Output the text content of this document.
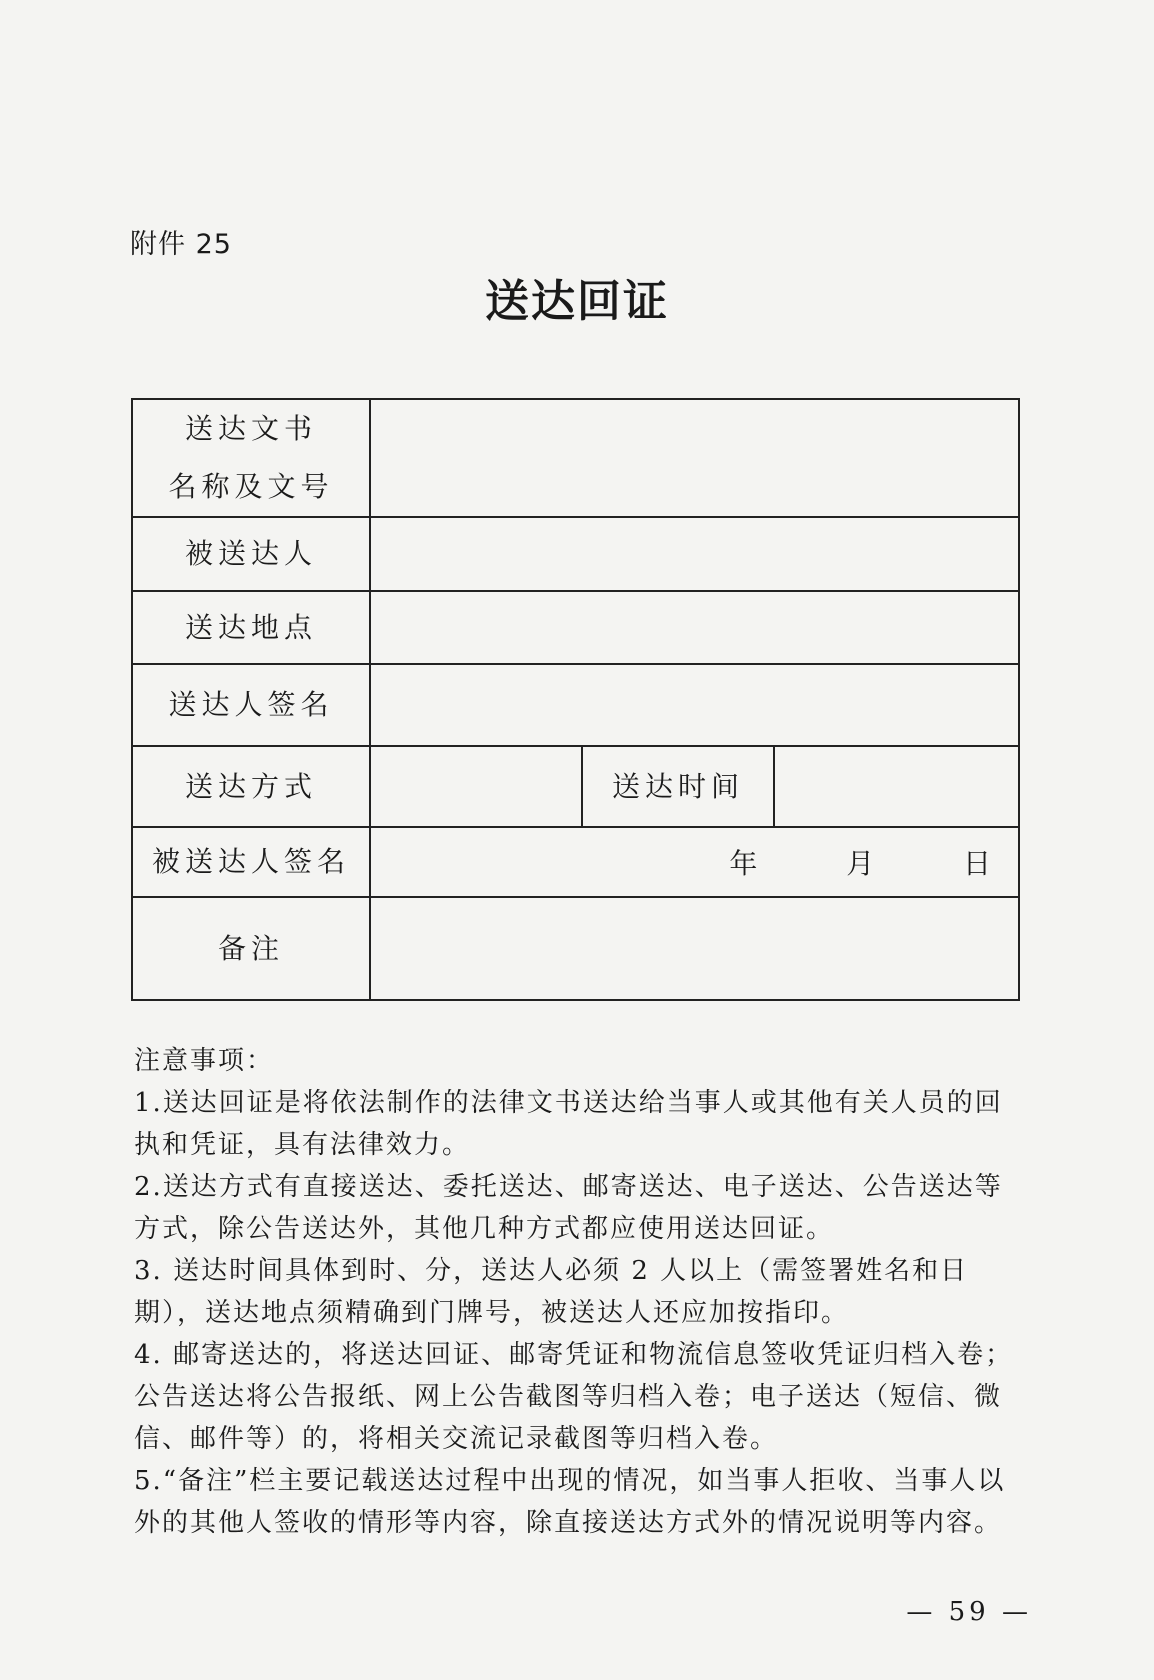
附件 25
送达回证
送达文书
名称及文号			

被送达人			
送达地点			
送达人签名			
送达方式		送达时间	
被送达人签名	年 月 日		
备注			
注意事项：
1.送达回证是将依法制作的法律文书送达给当事人或其他有关人员的回执和凭证，具有法律效力。
2.送达方式有直接送达、委托送达、邮寄送达、电子送达、公告送达等方式，除公告送达外，其他几种方式都应使用送达回证。
3. 送达时间具体到时、分，送达人必须 2 人以上（需签署姓名和日期），送达地点须精确到门牌号，被送达人还应加按指印。
4. 邮寄送达的，将送达回证、邮寄凭证和物流信息签收凭证归档入卷；公告送达将公告报纸、网上公告截图等归档入卷；电子送达（短信、微信、邮件等）的，将相关交流记录截图等归档入卷。
5.“备注”栏主要记载送达过程中出现的情况，如当事人拒收、当事人以外的其他人签收的情形等内容，除直接送达方式外的情况说明等内容。
— 59 —
